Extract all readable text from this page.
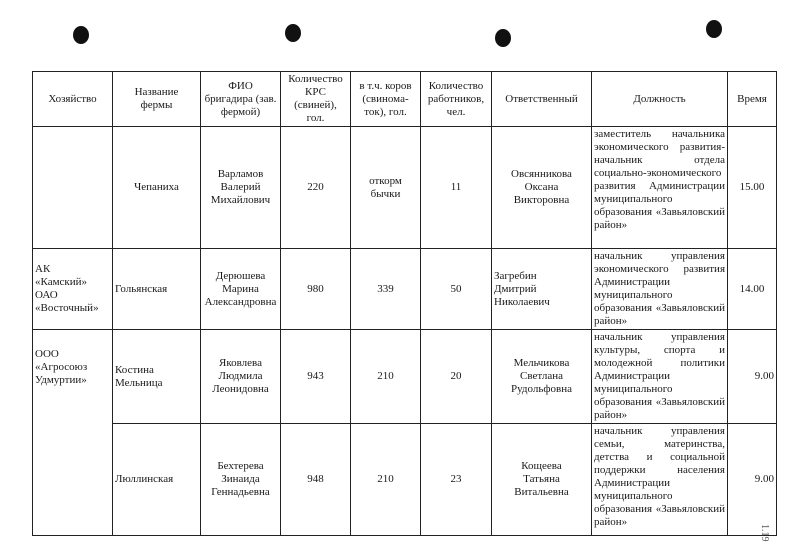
Хозяйство	Название
фермы	ФИО
бригадира (зав.
фермой)	Количество
КРС
(свиней),
гол.	в т.ч. коров
(свинома-
ток), гол.	Количество
работников,
чел.	Ответственный	Должность	Время
	Чепаниха	Варламов
Валерий
Михайлович	220	откорм
бычки	11	Овсянникова
Оксана
Викторовна	заместитель начальника экономического развития- начальник отдела социально-экономического развития Администрации муниципального образования «Завьяловский район»	15.00
АК
«Камский»
ОАО
«Восточный»	Гольянская	Дерюшева
Марина
Александровна	980	339	50	Загребин
Дмитрий
Николаевич	начальник управления экономического развития Администрации муниципального образования «Завьяловский район»	14.00
ООО
«Агросоюз
Удмуртии»	Костина
Мельница	Яковлева
Людмила
Леонидовна	943	210	20	Мельчикова
Светлана
Рудольфовна	начальник управления культуры, спорта и молодежной политики Администрации муниципального образования «Завьяловский район»	9.00
	Люллинская	Бехтерева
Зинаида
Геннадьевна	948	210	23	Кощеева
Татьяна
Витальевна	начальник управления семьи, материнства, детства и социальной поддержки населения Администрации муниципального образования «Завьяловский район»	9.00
1.19
